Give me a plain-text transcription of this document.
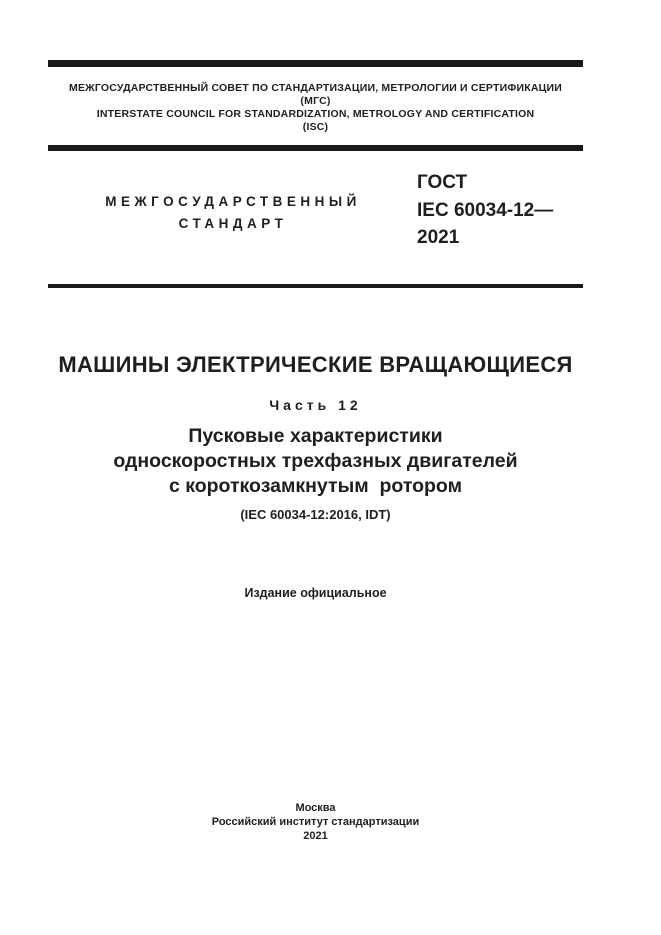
МЕЖГОСУДАРСТВЕННЫЙ СОВЕТ ПО СТАНДАРТИЗАЦИИ, МЕТРОЛОГИИ И СЕРТИФИКАЦИИ
(МГС)
INTERSTATE COUNCIL FOR STANDARDIZATION, METROLOGY AND CERTIFICATION
(ISC)
МЕЖГОСУДАРСТВЕННЫЙ
СТАНДАРТ
ГОСТ
IEC 60034-12—
2021
МАШИНЫ ЭЛЕКТРИЧЕСКИЕ ВРАЩАЮЩИЕСЯ
Часть 12
Пусковые характеристики
односкоростных трехфазных двигателей
с короткозамкнутым  ротором
(IEC 60034-12:2016, IDT)
Издание официальное
Москва
Российский институт стандартизации
2021
